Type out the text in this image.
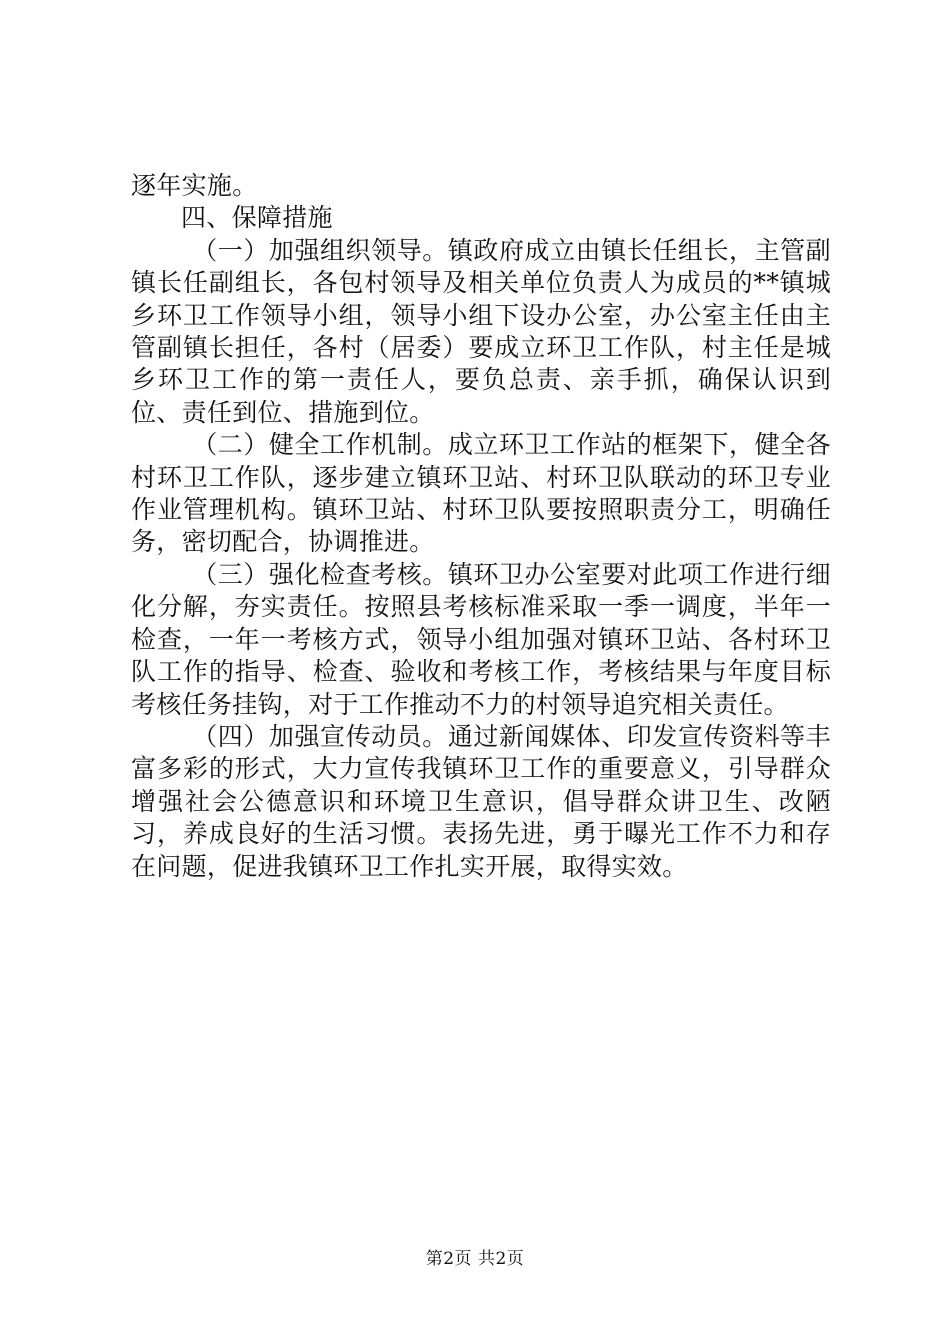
逐年实施。

四、保障措施

（一）加强组织领导。镇政府成立由镇长任组长，主管副镇长任副组长，各包村领导及相关单位负责人为成员的**镇城乡环卫工作领导小组，领导小组下设办公室，办公室主任由主管副镇长担任，各村（居委）要成立环卫工作队，村主任是城乡环卫工作的第一责任人，要负总责、亲手抓，确保认识到位、责任到位、措施到位。

（二）健全工作机制。成立环卫工作站的框架下，健全各村环卫工作队，逐步建立镇环卫站、村环卫队联动的环卫专业作业管理机构。镇环卫站、村环卫队要按照职责分工，明确任务，密切配合，协调推进。

（三）强化检查考核。镇环卫办公室要对此项工作进行细化分解，夯实责任。按照县考核标准采取一季一调度，半年一检查，一年一考核方式，领导小组加强对镇环卫站、各村环卫队工作的指导、检查、验收和考核工作，考核结果与年度目标考核任务挂钩，对于工作推动不力的村领导追究相关责任。

（四）加强宣传动员。通过新闻媒体、印发宣传资料等丰富多彩的形式，大力宣传我镇环卫工作的重要意义，引导群众增强社会公德意识和环境卫生意识，倡导群众讲卫生、改陋习，养成良好的生活习惯。表扬先进，勇于曝光工作不力和存在问题，促进我镇环卫工作扎实开展，取得实效。

第2页 共2页
